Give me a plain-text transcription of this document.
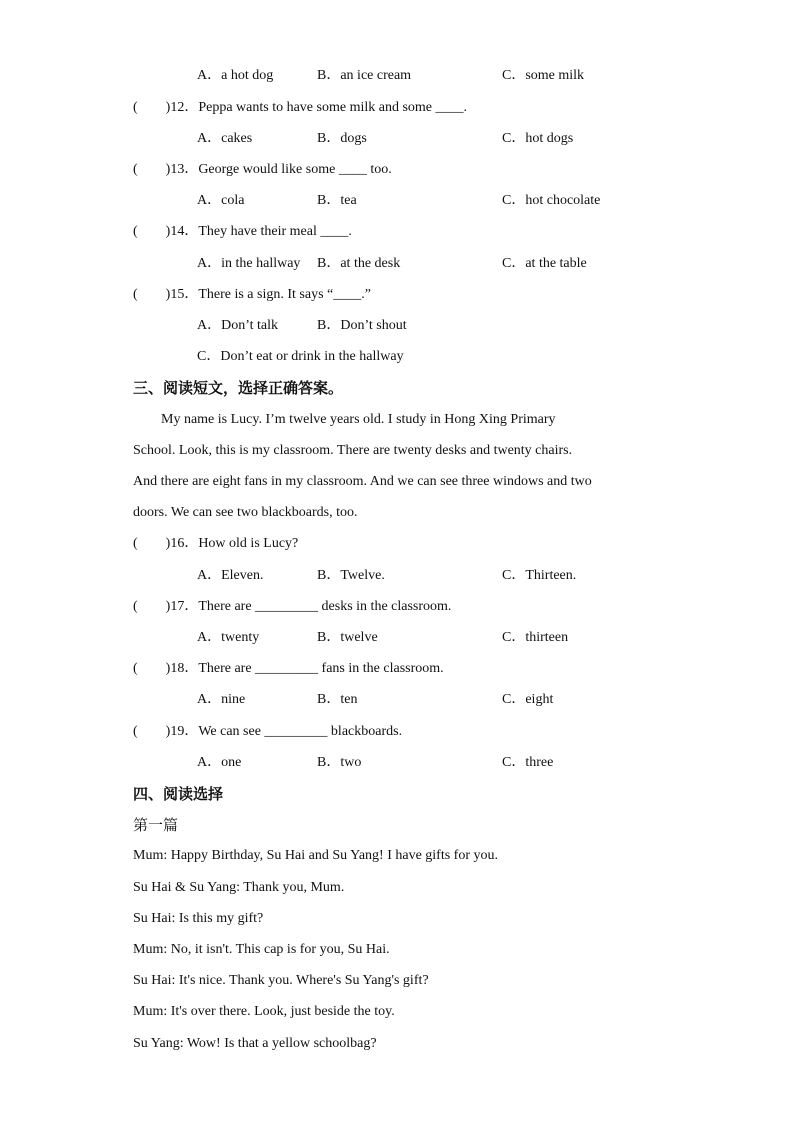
A．a hot dog	B．an ice cream	C．some milk
(　　)12．Peppa wants to have some milk and some ____.
A．cakes	B．dogs	C．hot dogs
(　　)13．George would like some ____ too.
A．cola	B．tea	C．hot chocolate
(　　)14．They have their meal ____.
A．in the hallway B．at the desk	C．at the table
(　　)15．There is a sign. It says “____.”
A．Don’t talk	B．Don’t shout
C．Don’t eat or drink in the hallway
三、阅读短文，选择正确答案。
My name is Lucy. I’m twelve years old. I study in Hong Xing Primary
School. Look, this is my classroom. There are twenty desks and twenty chairs.
And there are eight fans in my classroom. And we can see three windows and two
doors. We can see two blackboards, too.
(　　)16．How old is Lucy?
A．Eleven.	B．Twelve.	C．Thirteen.
(　　)17．There are _________ desks in the classroom.
A．twenty	B．twelve	C．thirteen
(　　)18．There are _________ fans in the classroom.
A．nine	B．ten	C．eight
(　　)19．We can see _________ blackboards.
A．one	B．two	C．three
四、阅读选择
第一篇
Mum: Happy Birthday, Su Hai and Su Yang! I have gifts for you.
Su Hai & Su Yang: Thank you, Mum.
Su Hai: Is this my gift?
Mum: No, it isn't. This cap is for you, Su Hai.
Su Hai: It's nice. Thank you. Where's Su Yang's gift?
Mum: It's over there. Look, just beside the toy.
Su Yang: Wow! Is that a yellow schoolbag?
